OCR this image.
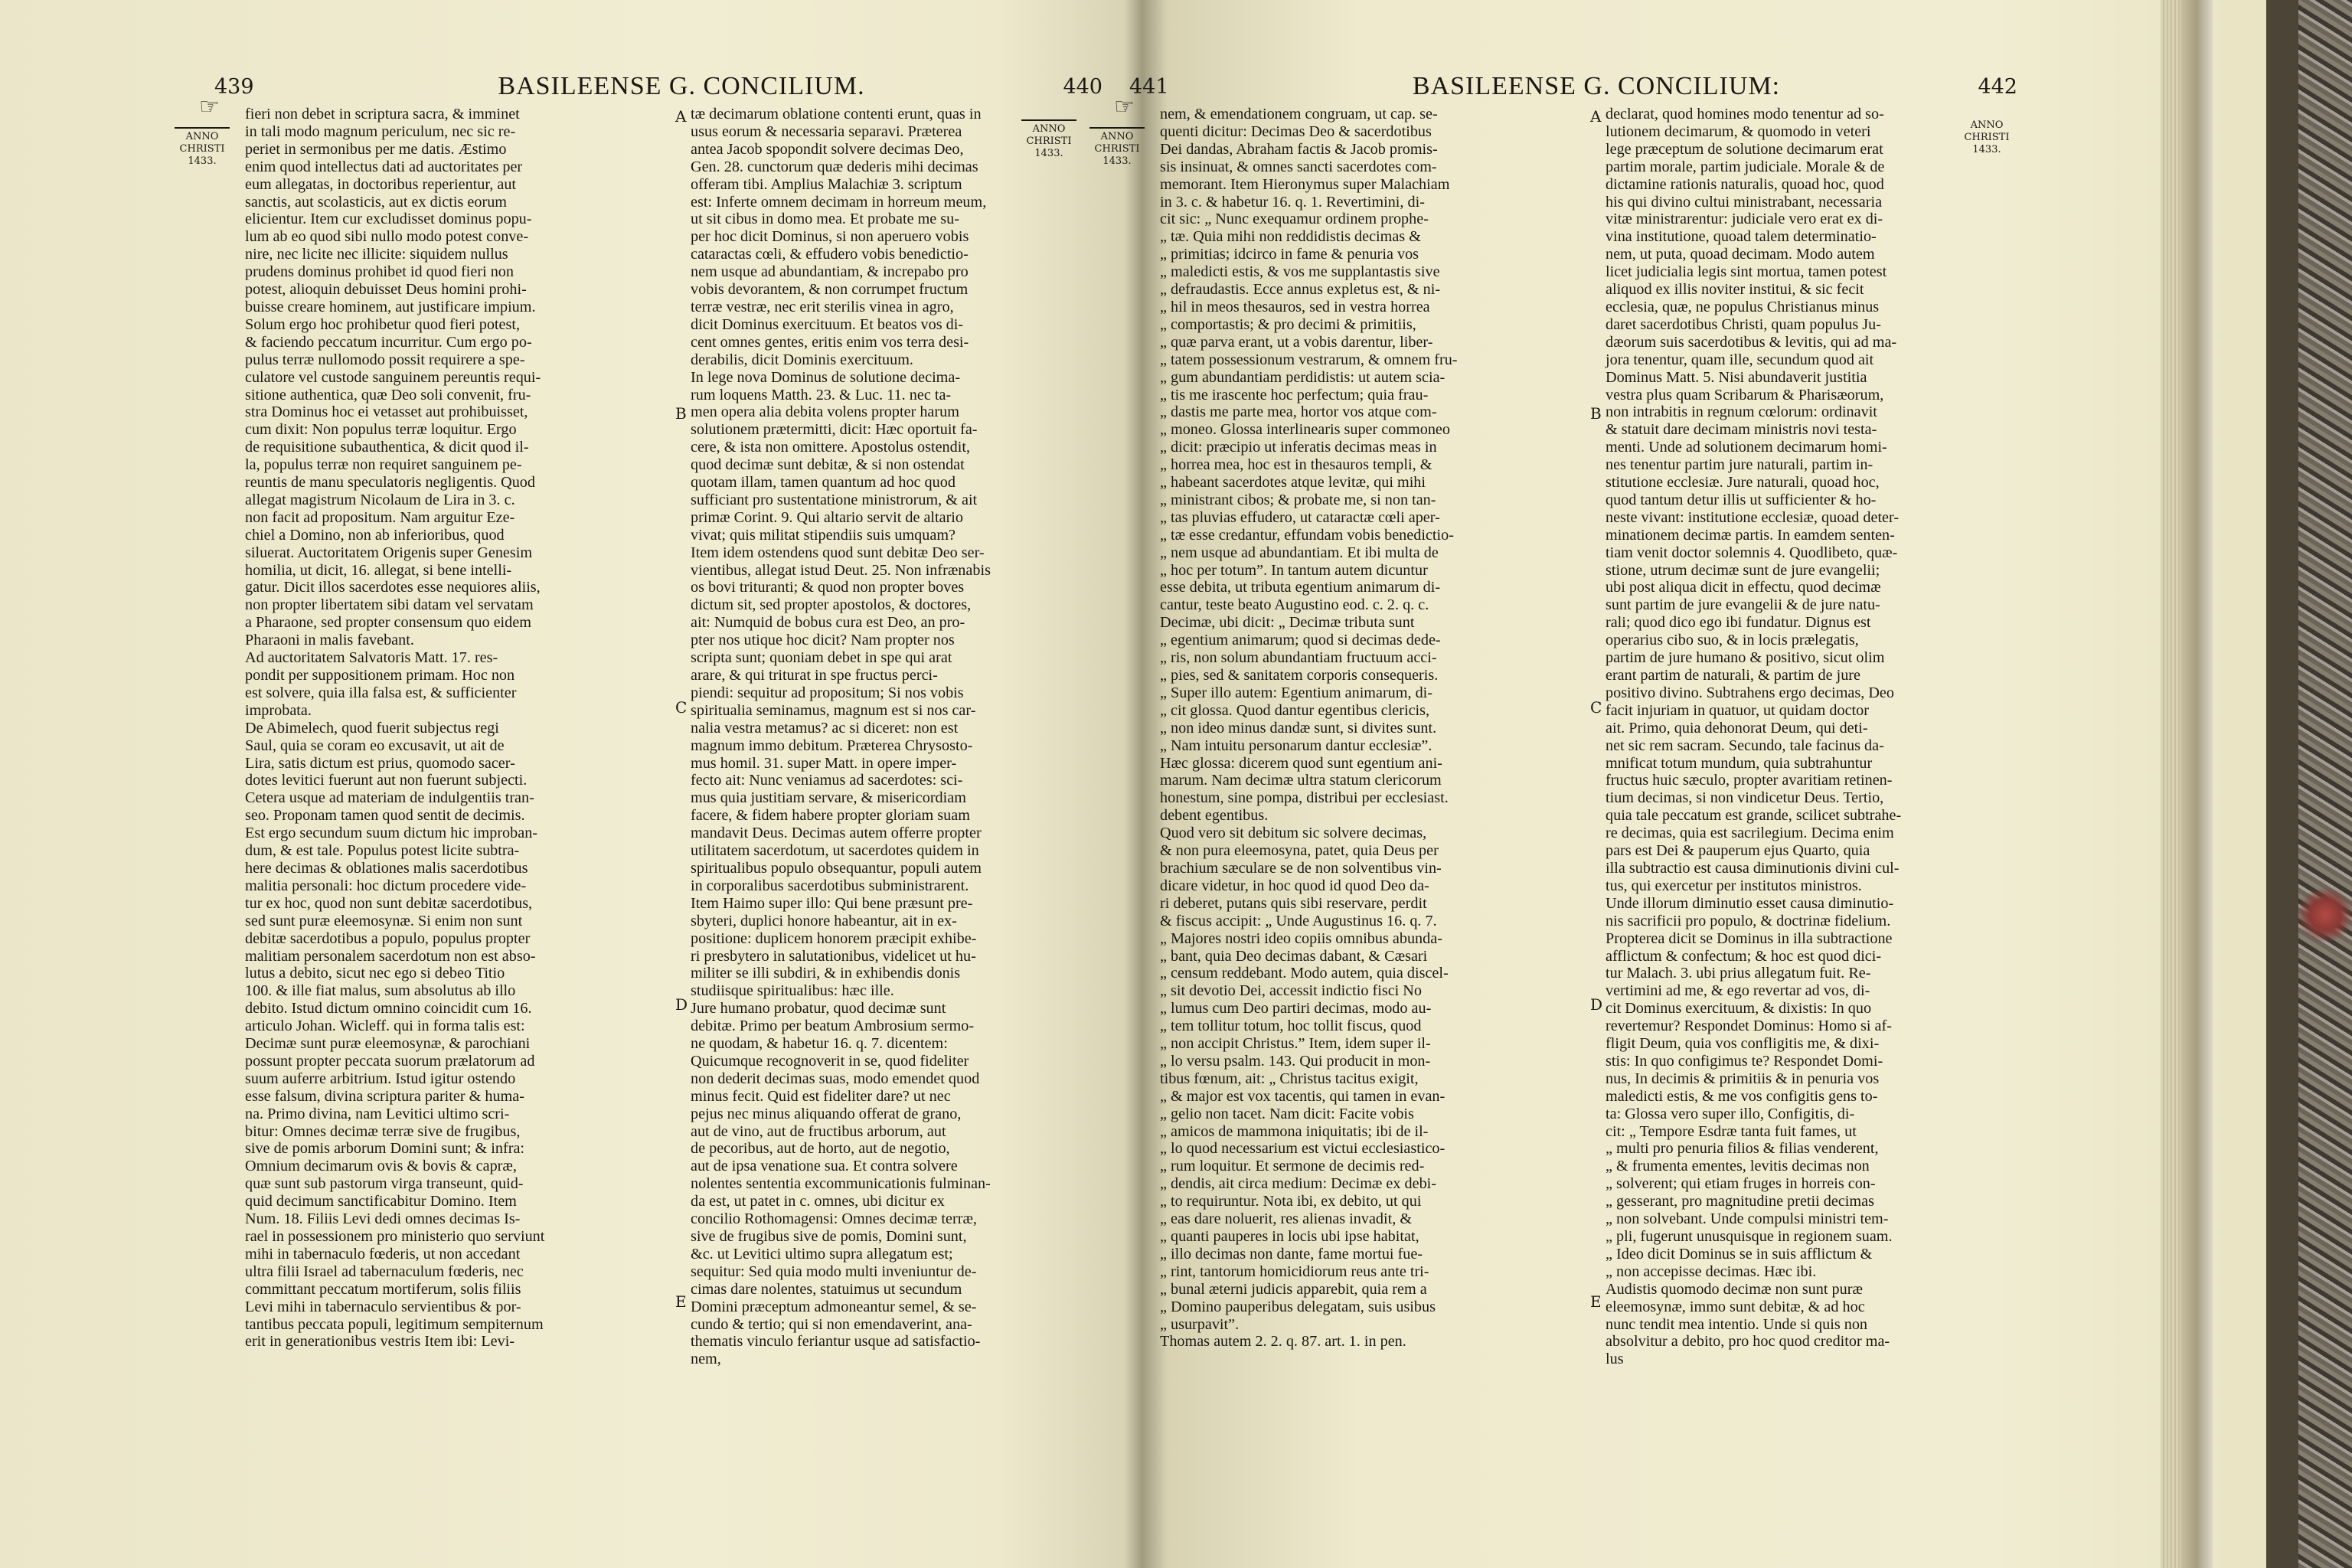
439	BASILEENSE G. CONCILIUM.	440
☞
ANNO
CHRISTI
1433.
ANNO
CHRISTI
1433.
A
B
C
D
E

fieri non debet in scriptura sacra, & imminet
in tali modo magnum periculum, nec sic re-
periet in sermonibus per me datis. Æstimo
enim quod intellectus dati ad auctoritates per
eum allegatas, in doctoribus reperientur, aut
sanctis, aut scolasticis, aut ex dictis eorum
elicientur. Item cur excludisset dominus popu-
lum ab eo quod sibi nullo modo potest conve-
nire, nec licite nec illicite: siquidem nullus
prudens dominus prohibet id quod fieri non
potest, alioquin debuisset Deus homini prohi-
buisse creare hominem, aut justificare impium.
Solum ergo hoc prohibetur quod fieri potest,
& faciendo peccatum incurritur. Cum ergo po-
pulus terræ nullomodo possit requirere a spe-
culatore vel custode sanguinem pereuntis requi-
sitione authentica, quæ Deo soli convenit, fru-
stra Dominus hoc ei vetasset aut prohibuisset,
cum dixit: Non populus terræ loquitur. Ergo
de requisitione subauthentica, & dicit quod il-
la, populus terræ non requiret sanguinem pe-
reuntis de manu speculatoris negligentis. Quod
allegat magistrum Nicolaum de Lira in 3. c.
non facit ad propositum. Nam arguitur Eze-
chiel a Domino, non ab inferioribus, quod
siluerat. Auctoritatem Origenis super Genesim
homilia, ut dicit, 16. allegat, si bene intelli-
gatur. Dicit illos sacerdotes esse nequiores aliis,
non propter libertatem sibi datam vel servatam
a Pharaone, sed propter consensum quo eidem
Pharaoni in malis favebant.
Ad auctoritatem Salvatoris Matt. 17. res-
pondit per suppositionem primam. Hoc non
est solvere, quia illa falsa est, & sufficienter
improbata.
De Abimelech, quod fuerit subjectus regi
Saul, quia se coram eo excusavit, ut ait de
Lira, satis dictum est prius, quomodo sacer-
dotes levitici fuerunt aut non fuerunt subjecti.
Cetera usque ad materiam de indulgentiis tran-
seo. Proponam tamen quod sentit de decimis.
Est ergo secundum suum dictum hic improban-
dum, & est tale. Populus potest licite subtra-
here decimas & oblationes malis sacerdotibus
malitia personali: hoc dictum procedere vide-
tur ex hoc, quod non sunt debitæ sacerdotibus,
sed sunt puræ eleemosynæ. Si enim non sunt
debitæ sacerdotibus a populo, populus propter
malitiam personalem sacerdotum non est abso-
lutus a debito, sicut nec ego si debeo Titio
100. & ille fiat malus, sum absolutus ab illo
debito. Istud dictum omnino coincidit cum 16.
articulo Johan. Wicleff. qui in forma talis est:
Decimæ sunt puræ eleemosynæ, & parochiani
possunt propter peccata suorum prælatorum ad
suum auferre arbitrium. Istud igitur ostendo
esse falsum, divina scriptura pariter & huma-
na. Primo divina, nam Levitici ultimo scri-
bitur: Omnes decimæ terræ sive de frugibus,
sive de pomis arborum Domini sunt; & infra:
Omnium decimarum ovis & bovis & capræ,
quæ sunt sub pastorum virga transeunt, quid-
quid decimum sanctificabitur Domino. Item
Num. 18. Filiis Levi dedi omnes decimas Is-
rael in possessionem pro ministerio quo serviunt
mihi in tabernaculo fœderis, ut non accedant
ultra filii Israel ad tabernaculum fœderis, nec
committant peccatum mortiferum, solis filiis
Levi mihi in tabernaculo servientibus & por-
tantibus peccata populi, legitimum sempiternum
erit in generationibus vestris Item ibi: Levi-

tæ decimarum oblatione contenti erunt, quas in
usus eorum & necessaria separavi. Præterea
antea Jacob spopondit solvere decimas Deo,
Gen. 28. cunctorum quæ dederis mihi decimas
offeram tibi. Amplius Malachiæ 3. scriptum
est: Inferte omnem decimam in horreum meum,
ut sit cibus in domo mea. Et probate me su-
per hoc dicit Dominus, si non aperuero vobis
cataractas cœli, & effudero vobis benedictio-
nem usque ad abundantiam, & increpabo pro
vobis devorantem, & non corrumpet fructum
terræ vestræ, nec erit sterilis vinea in agro,
dicit Dominus exercituum. Et beatos vos di-
cent omnes gentes, eritis enim vos terra desi-
derabilis, dicit Dominis exercituum.
In lege nova Dominus de solutione decima-
rum loquens Matth. 23. & Luc. 11. nec ta-
men opera alia debita volens propter harum
solutionem prætermitti, dicit: Hæc oportuit fa-
cere, & ista non omittere. Apostolus ostendit,
quod decimæ sunt debitæ, & si non ostendat
quotam illam, tamen quantum ad hoc quod
sufficiant pro sustentatione ministrorum, & ait
primæ Corint. 9. Qui altario servit de altario
vivat; quis militat stipendiis suis umquam?
Item idem ostendens quod sunt debitæ Deo ser-
vientibus, allegat istud Deut. 25. Non infrænabis
os bovi trituranti; & quod non propter boves
dictum sit, sed propter apostolos, & doctores,
ait: Numquid de bobus cura est Deo, an pro-
pter nos utique hoc dicit? Nam propter nos
scripta sunt; quoniam debet in spe qui arat
arare, & qui triturat in spe fructus perci-
piendi: sequitur ad propositum; Si nos vobis
spiritualia seminamus, magnum est si nos car-
nalia vestra metamus? ac si diceret: non est
magnum immo debitum. Præterea Chrysosto-
mus homil. 31. super Matt. in opere imper-
fecto ait: Nunc veniamus ad sacerdotes: sci-
mus quia justitiam servare, & misericordiam
facere, & fidem habere propter gloriam suam
mandavit Deus. Decimas autem offerre propter
utilitatem sacerdotum, ut sacerdotes quidem in
spiritualibus populo obsequantur, populi autem
in corporalibus sacerdotibus subministrarent.
Item Haimo super illo: Qui bene præsunt pre-
sbyteri, duplici honore habeantur, ait in ex-
positione: duplicem honorem præcipit exhibe-
ri presbytero in salutationibus, videlicet ut hu-
militer se illi subdiri, & in exhibendis donis
studiisque spiritualibus: hæc ille.
Jure humano probatur, quod decimæ sunt
debitæ. Primo per beatum Ambrosium sermo-
ne quodam, & habetur 16. q. 7. dicentem:
Quicumque recognoverit in se, quod fideliter
non dederit decimas suas, modo emendet quod
minus fecit. Quid est fideliter dare? ut nec
pejus nec minus aliquando offerat de grano,
aut de vino, aut de fructibus arborum, aut
de pecoribus, aut de horto, aut de negotio,
aut de ipsa venatione sua. Et contra solvere
nolentes sententia excommunicationis fulminan-
da est, ut patet in c. omnes, ubi dicitur ex
concilio Rothomagensi: Omnes decimæ terræ,
sive de frugibus sive de pomis, Domini sunt,
&c. ut Levitici ultimo supra allegatum est;
sequitur: Sed quia modo multi inveniuntur de-
cimas dare nolentes, statuimus ut secundum
Domini præceptum admoneantur semel, & se-
cundo & tertio; qui si non emendaverint, ana-
thematis vinculo feriantur usque ad satisfactio-
nem,

441	BASILEENSE G. CONCILIUM:	442
☞
ANNO
CHRISTI
1433.
ANNO
CHRISTI
1433.
A
B
C
D
E

nem, & emendationem congruam, ut cap. se-
quenti dicitur: Decimas Deo & sacerdotibus
Dei dandas, Abraham factis & Jacob promis-
sis insinuat, & omnes sancti sacerdotes com-
memorant. Item Hieronymus super Malachiam
in 3. c. & habetur 16. q. 1. Revertimini, di-
cit sic: „ Nunc exequamur ordinem prophe-
„ tæ. Quia mihi non reddidistis decimas &
„ primitias; idcirco in fame & penuria vos
„ maledicti estis, & vos me supplantastis sive
„ defraudastis. Ecce annus expletus est, & ni-
„ hil in meos thesauros, sed in vestra horrea
„ comportastis; & pro decimi & primitiis,
„ quæ parva erant, ut a vobis darentur, liber-
„ tatem possessionum vestrarum, & omnem fru-
„ gum abundantiam perdidistis: ut autem scia-
„ tis me irascente hoc perfectum; quia frau-
„ dastis me parte mea, hortor vos atque com-
„ moneo. Glossa interlinearis super commoneo
„ dicit: præcipio ut inferatis decimas meas in
„ horrea mea, hoc est in thesauros templi, &
„ habeant sacerdotes atque levitæ, qui mihi
„ ministrant cibos; & probate me, si non tan-
„ tas pluvias effudero, ut cataractæ cœli aper-
„ tæ esse credantur, effundam vobis benedictio-
„ nem usque ad abundantiam. Et ibi multa de
„ hoc per totum”. In tantum autem dicuntur
esse debita, ut tributa egentium animarum di-
cantur, teste beato Augustino eod. c. 2. q. c.
Decimæ, ubi dicit: „ Decimæ tributa sunt
„ egentium animarum; quod si decimas dede-
„ ris, non solum abundantiam fructuum acci-
„ pies, sed & sanitatem corporis consequeris.
„ Super illo autem: Egentium animarum, di-
„ cit glossa. Quod dantur egentibus clericis,
„ non ideo minus dandæ sunt, si divites sunt.
„ Nam intuitu personarum dantur ecclesiæ”.
Hæc glossa: dicerem quod sunt egentium ani-
marum. Nam decimæ ultra statum clericorum
honestum, sine pompa, distribui per ecclesiast.
debent egentibus.
Quod vero sit debitum sic solvere decimas,
& non pura eleemosyna, patet, quia Deus per
brachium sæculare se de non solventibus vin-
dicare videtur, in hoc quod id quod Deo da-
ri deberet, putans quis sibi reservare, perdit
& fiscus accipit: „ Unde Augustinus 16. q. 7.
„ Majores nostri ideo copiis omnibus abunda-
„ bant, quia Deo decimas dabant, & Cæsari
„ censum reddebant. Modo autem, quia discel-
„ sit devotio Dei, accessit indictio fisci No
„ lumus cum Deo partiri decimas, modo au-
„ tem tollitur totum, hoc tollit fiscus, quod
„ non accipit Christus.” Item, idem super il-
„ lo versu psalm. 143. Qui producit in mon-
tibus fœnum, ait: „ Christus tacitus exigit,
„ & major est vox tacentis, qui tamen in evan-
„ gelio non tacet. Nam dicit: Facite vobis
„ amicos de mammona iniquitatis; ibi de il-
„ lo quod necessarium est victui ecclesiastico-
„ rum loquitur. Et sermone de decimis red-
„ dendis, ait circa medium: Decimæ ex debi-
„ to requiruntur. Nota ibi, ex debito, ut qui
„ eas dare noluerit, res alienas invadit, &
„ quanti pauperes in locis ubi ipse habitat,
„ illo decimas non dante, fame mortui fue-
„ rint, tantorum homicidiorum reus ante tri-
„ bunal æterni judicis apparebit, quia rem a
„ Domino pauperibus delegatam, suis usibus
„ usurpavit”.
Thomas autem 2. 2. q. 87. art. 1. in pen.

declarat, quod homines modo tenentur ad so-
lutionem decimarum, & quomodo in veteri
lege præceptum de solutione decimarum erat
partim morale, partim judiciale. Morale & de
dictamine rationis naturalis, quoad hoc, quod
his qui divino cultui ministrabant, necessaria
vitæ ministrarentur: judiciale vero erat ex di-
vina institutione, quoad talem determinatio-
nem, ut puta, quoad decimam. Modo autem
licet judicialia legis sint mortua, tamen potest
aliquod ex illis noviter institui, & sic fecit
ecclesia, quæ, ne populus Christianus minus
daret sacerdotibus Christi, quam populus Ju-
dæorum suis sacerdotibus & levitis, qui ad ma-
jora tenentur, quam ille, secundum quod ait
Dominus Matt. 5. Nisi abundaverit justitia
vestra plus quam Scribarum & Pharisæorum,
non intrabitis in regnum cœlorum: ordinavit
& statuit dare decimam ministris novi testa-
menti. Unde ad solutionem decimarum homi-
nes tenentur partim jure naturali, partim in-
stitutione ecclesiæ. Jure naturali, quoad hoc,
quod tantum detur illis ut sufficienter & ho-
neste vivant: institutione ecclesiæ, quoad deter-
minationem decimæ partis. In eamdem senten-
tiam venit doctor solemnis 4. Quodlibeto, quæ-
stione, utrum decimæ sunt de jure evangelii;
ubi post aliqua dicit in effectu, quod decimæ
sunt partim de jure evangelii & de jure natu-
rali; quod dico ego ibi fundatur. Dignus est
operarius cibo suo, & in locis prælegatis,
partim de jure humano & positivo, sicut olim
erant partim de naturali, & partim de jure
positivo divino. Subtrahens ergo decimas, Deo
facit injuriam in quatuor, ut quidam doctor
ait. Primo, quia dehonorat Deum, qui deti-
net sic rem sacram. Secundo, tale facinus da-
mnificat totum mundum, quia subtrahuntur
fructus huic sæculo, propter avaritiam retinen-
tium decimas, si non vindicetur Deus. Tertio,
quia tale peccatum est grande, scilicet subtrahe-
re decimas, quia est sacrilegium. Decima enim
pars est Dei & pauperum ejus Quarto, quia
illa subtractio est causa diminutionis divini cul-
tus, qui exercetur per institutos ministros.
Unde illorum diminutio esset causa diminutio-
nis sacrificii pro populo, & doctrinæ fidelium.
Propterea dicit se Dominus in illa subtractione
afflictum & confectum; & hoc est quod dici-
tur Malach. 3. ubi prius allegatum fuit. Re-
vertimini ad me, & ego revertar ad vos, di-
cit Dominus exercituum, & dixistis: In quo
revertemur? Respondet Dominus: Homo si af-
fligit Deum, quia vos confligitis me, & dixi-
stis: In quo configimus te? Respondet Domi-
nus, In decimis & primitiis & in penuria vos
maledicti estis, & me vos configitis gens to-
ta: Glossa vero super illo, Configitis, di-
cit: „ Tempore Esdræ tanta fuit fames, ut
„ multi pro penuria filios & filias venderent,
„ & frumenta ementes, levitis decimas non
„ solverent; qui etiam fruges in horreis con-
„ gesserant, pro magnitudine pretii decimas
„ non solvebant. Unde compulsi ministri tem-
„ pli, fugerunt unusquisque in regionem suam.
„ Ideo dicit Dominus se in suis afflictum &
„ non accepisse decimas. Hæc ibi.
Audistis quomodo decimæ non sunt puræ
eleemosynæ, immo sunt debitæ, & ad hoc
nunc tendit mea intentio. Unde si quis non
absolvitur a debito, pro hoc quod creditor ma-
lus
